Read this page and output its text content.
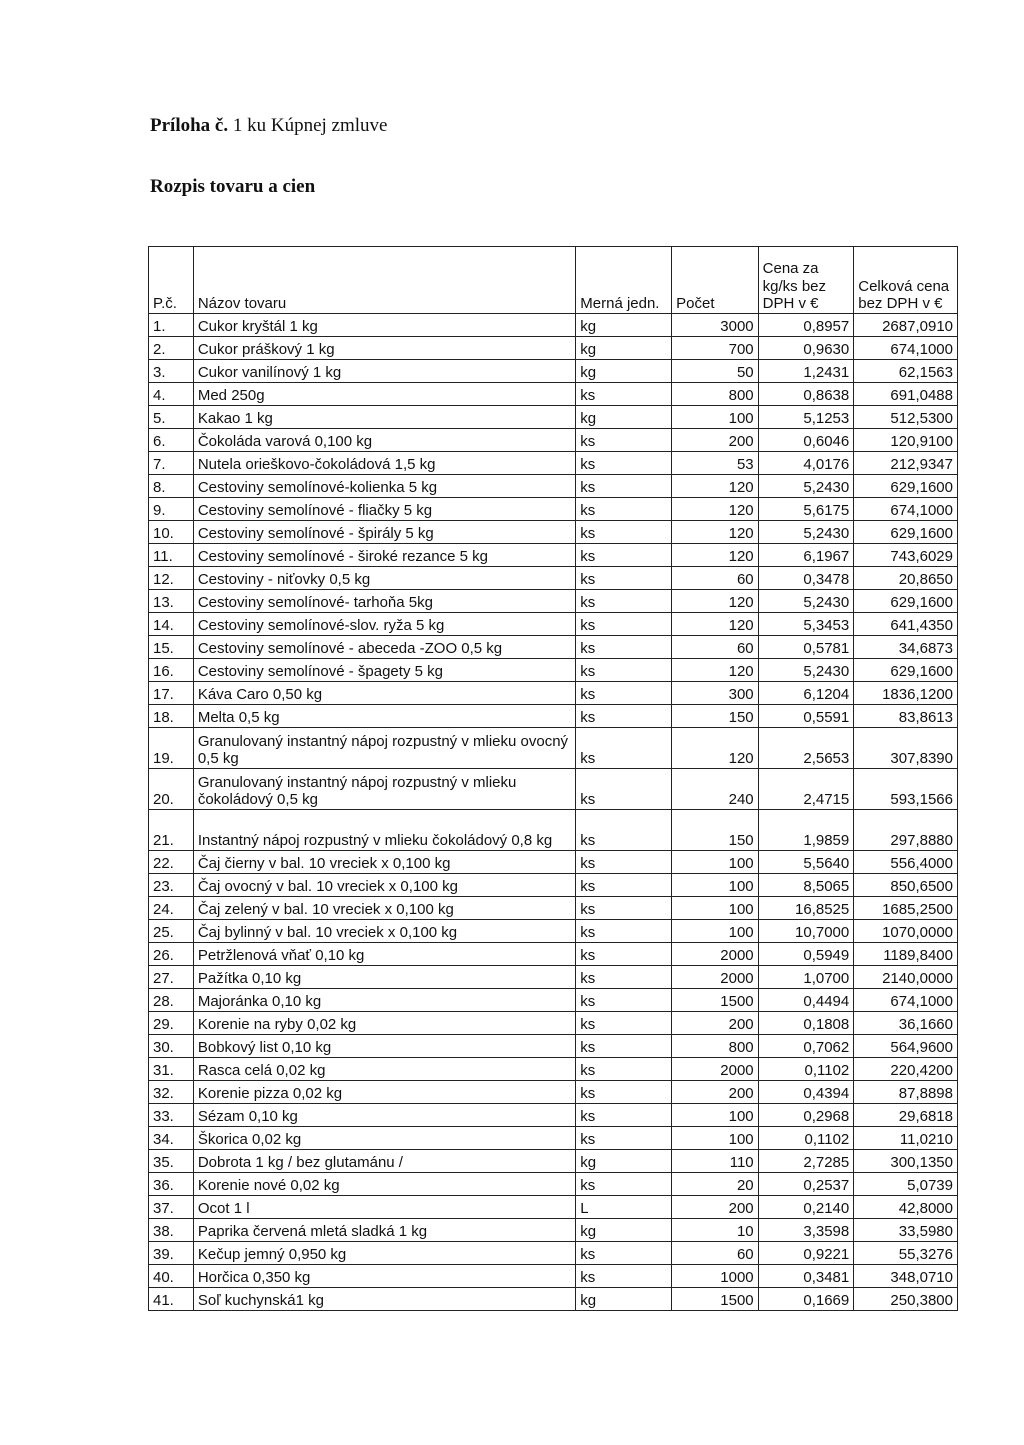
Príloha č. 1 ku Kúpnej zmluve
Rozpis tovaru a cien
P.č.	Názov tovaru	Merná jedn.	Počet	Cena za kg/ks bez DPH v €	Celková cena bez DPH v €
1.	Cukor kryštál 1 kg	kg	3000	0,8957	2687,0910
2.	Cukor práškový 1 kg	kg	700	0,9630	674,1000
3.	Cukor vanilínový 1 kg	kg	50	1,2431	62,1563
4.	Med 250g	ks	800	0,8638	691,0488
5.	Kakao 1 kg	kg	100	5,1253	512,5300
6.	Čokoláda varová 0,100 kg	ks	200	0,6046	120,9100
7.	Nutela orieškovo-čokoládová 1,5 kg	ks	53	4,0176	212,9347
8.	Cestoviny semolínové-kolienka 5 kg	ks	120	5,2430	629,1600
9.	Cestoviny semolínové - fliačky 5 kg	ks	120	5,6175	674,1000
10.	Cestoviny semolínové - špirály 5 kg	ks	120	5,2430	629,1600
11.	Cestoviny semolínové - široké rezance 5 kg	ks	120	6,1967	743,6029
12.	Cestoviny - niťovky 0,5 kg	ks	60	0,3478	20,8650
13.	Cestoviny semolínové- tarhoňa 5kg	ks	120	5,2430	629,1600
14.	Cestoviny semolínové-slov. ryža 5 kg	ks	120	5,3453	641,4350
15.	Cestoviny semolínové - abeceda -ZOO 0,5 kg	ks	60	0,5781	34,6873
16.	Cestoviny semolínové - špagety 5 kg	ks	120	5,2430	629,1600
17.	Káva Caro 0,50 kg	ks	300	6,1204	1836,1200
18.	Melta 0,5 kg	ks	150	0,5591	83,8613
19.	Granulovaný instantný nápoj rozpustný v mlieku ovocný 0,5 kg	ks	120	2,5653	307,8390
20.	Granulovaný instantný nápoj rozpustný v mlieku čokoládový 0,5 kg	ks	240	2,4715	593,1566
21.	Instantný nápoj rozpustný v mlieku čokoládový 0,8 kg	ks	150	1,9859	297,8880
22.	Čaj čierny v bal. 10 vreciek x 0,100 kg	ks	100	5,5640	556,4000
23.	Čaj ovocný v bal. 10 vreciek x 0,100 kg	ks	100	8,5065	850,6500
24.	Čaj zelený v bal. 10 vreciek x 0,100 kg	ks	100	16,8525	1685,2500
25.	Čaj bylinný v bal. 10 vreciek x 0,100 kg	ks	100	10,7000	1070,0000
26.	Petržlenová vňať 0,10 kg	ks	2000	0,5949	1189,8400
27.	Pažítka 0,10 kg	ks	2000	1,0700	2140,0000
28.	Majoránka 0,10 kg	ks	1500	0,4494	674,1000
29.	Korenie na ryby 0,02 kg	ks	200	0,1808	36,1660
30.	Bobkový list 0,10 kg	ks	800	0,7062	564,9600
31.	Rasca celá 0,02 kg	ks	2000	0,1102	220,4200
32.	Korenie pizza 0,02 kg	ks	200	0,4394	87,8898
33.	Sézam 0,10 kg	ks	100	0,2968	29,6818
34.	Škorica 0,02 kg	ks	100	0,1102	11,0210
35.	Dobrota 1 kg / bez glutamánu /	kg	110	2,7285	300,1350
36.	Korenie nové 0,02 kg	ks	20	0,2537	5,0739
37.	Ocot 1 l	L	200	0,2140	42,8000
38.	Paprika červená mletá sladká 1 kg	kg	10	3,3598	33,5980
39.	Kečup jemný 0,950 kg	ks	60	0,9221	55,3276
40.	Horčica 0,350 kg	ks	1000	0,3481	348,0710
41.	Soľ kuchynská1 kg	kg	1500	0,1669	250,3800
